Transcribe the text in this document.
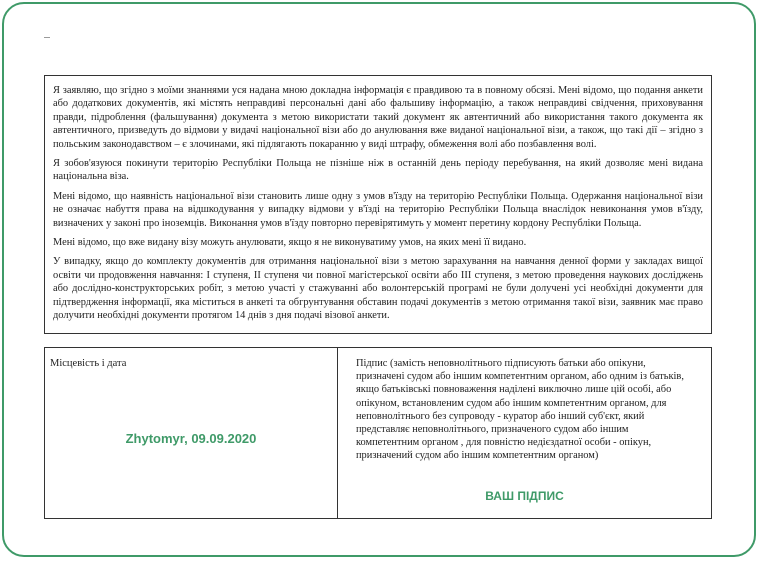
Я заявляю, що згідно з моїми знаннями уся надана мною докладна інформація є правдивою та в повному обсязі. Мені відомо, що подання анкети або додаткових документів, які містять неправдиві персональні дані або фальшиву інформацію, а також неправдиві свідчення, приховування правди, підроблення (фальшування) документа з метою використати такий документ як автентичний або використання такого документа як автентичного, призведуть до відмови у видачі національної візи або до анулювання вже виданої національної візи, а також, що такі дії – згідно з польським законодавством – є злочинами, які підлягають покаранню у виді штрафу, обмеження волі або позбавлення волі.

Я зобов'язуюся покинути територію Республіки Польща не пізніше ніж в останній день періоду перебування, на який дозволяє мені видана національна віза.

Мені відомо, що наявність національної візи становить лише одну з умов в'їзду на територію Республіки Польща. Одержання національної візи не означає набуття права на відшкодування у випадку відмови у в'їзді на територію Республіки Польща внаслідок невиконання умов в'їзду, визначених у законі про іноземців. Виконання умов в'їзду повторно перевірятимуть у момент перетину кордону Республіки Польща.

Мені відомо, що вже видану візу можуть анулювати, якщо я не виконуватиму умов, на яких мені її видано.

У випадку, якщо до комплекту документів для отримання національної візи з метою зарахування на навчання денної форми у закладах вищої освіти чи продовження навчання: І ступеня, ІІ ступеня чи повної магістерської освіти або ІІІ ступеня, з метою проведення наукових досліджень або дослідно-конструкторських робіт, з метою участі у стажуванні або волонтерській програмі не були долучені усі необхідні документи для підтвердження інформації, яка міститься в анкеті та обгрунтування обставин подачі документів з метою отримання такої візи, заявник має право долучити необхідні документи протягом 14 днів з дня подачі візової анкети.

Місцевість і дата
Zhytomyr, 09.09.2020
Підпис (замість неповнолітнього підписують батьки або опікуни, призначені судом або іншим компетентним органом, або одним із батьків, якщо батьківські повноваження наділені виключно лише цій особі, або опікуном, встановленим судом або іншим компетентним органом, для неповнолітнього без супроводу - куратор або інший суб'єкт, який представляє неповнолітнього, призначеного судом або іншим компетентним органом , для повністю недієздатної особи - опікун, призначений судом або іншим компетентним органом)
ВАШ ПІДПИС
